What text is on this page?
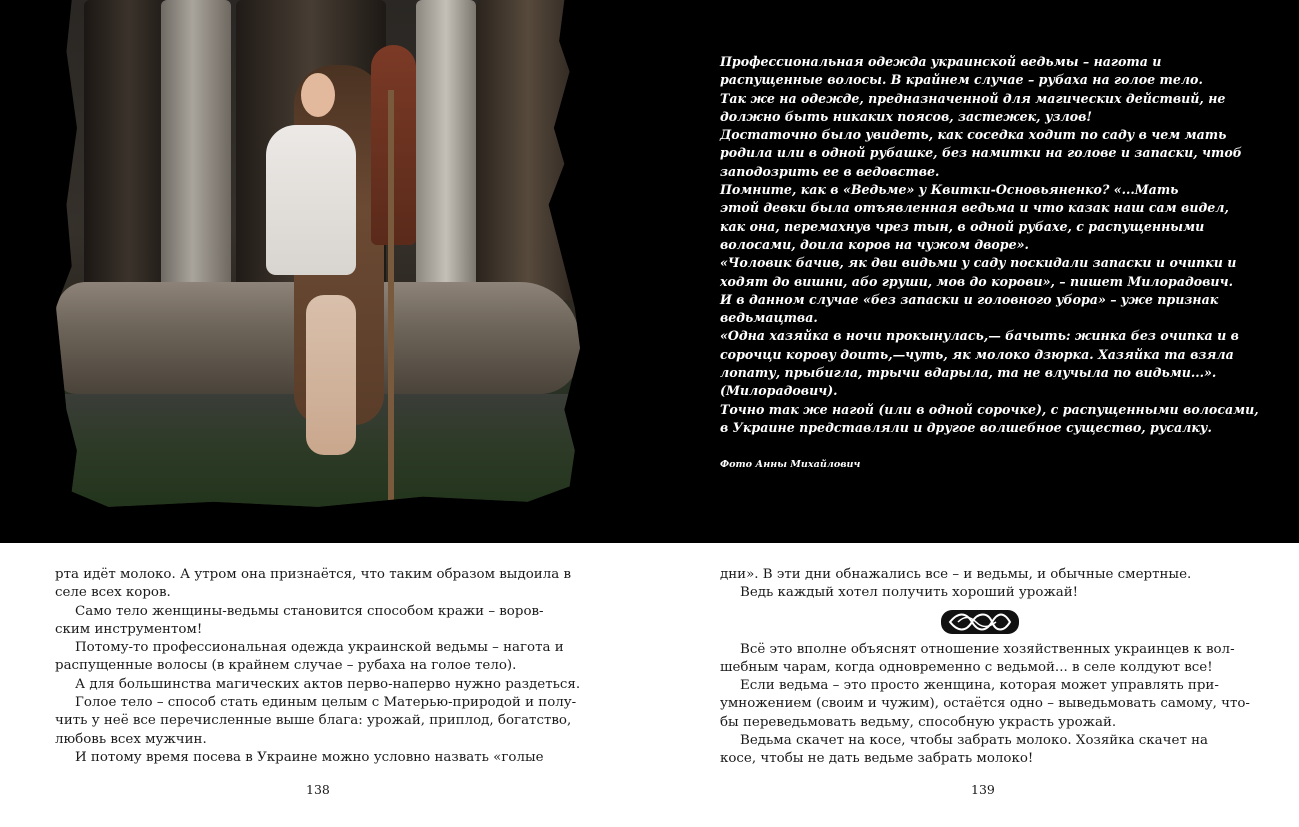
Профессиональная одежда украинской ведьмы – нагота и

распущенные волосы. В крайнем случае – рубаха на голое тело.

Так же на одежде, предназначенной для магических действий, не

должно быть никаких поясов, застежек, узлов!

Достаточно было увидеть, как соседка ходит по саду в чем мать

родила или в одной рубашке, без намитки на голове и запаски, чтоб

заподозрить ее в ведовстве.

Помните, как в «Ведьме» у Квитки-Основьяненко? «...Мать

этой девки была отъявленная ведьма и что казак наш сам видел,

как она, перемахнув чрез тын, в одной рубахе, с распущенными

волосами, доила коров на чужом дворе».

«Чоловик бачив, як дви видьми у саду поскидали запаски и очипки и

ходят до вишни, або груши, мов до корови», – пишет Милорадович.

И в данном случае «без запаски и головного убора» – уже признак

ведьмацтва.

«Одна хазяйка в ночи прокынулась,— бачыть: жинка без очипка и в

сорочци корову доить,—чуть, як молоко дзюрка. Хазяйка та взяла

лопату, прыбигла, трычи вдарыла, та не влучыла по видьми...».

(Милорадович).

Точно так же нагой (или в одной сорочке), с распущенными волосами,

в Украине представляли и другое волшебное существо, русалку.

Фото Анны Михайлович

рта идёт молоко. А утром она признаётся, что таким образом выдоила в

селе всех коров.

Само тело женщины-ведьмы становится способом кражи – воров-

ским инструментом!

Потому-то профессиональная одежда украинской ведьмы – нагота и

распущенные волосы (в крайнем случае – рубаха на голое тело).

А для большинства магических актов перво-наперво нужно раздеться.

Голое тело – способ стать единым целым с Матерью-природой и полу-

чить у неё все перечисленные выше блага: урожай, приплод, богатство,

любовь всех мужчин.

И потому время посева в Украине можно условно назвать «голые

дни». В эти дни обнажались все – и ведьмы, и обычные смертные.

Ведь каждый хотел получить хороший урожай!

Всё это вполне объяснят отношение хозяйственных украинцев к вол-

шебным чарам, когда одновременно с ведьмой... в селе колдуют все!

Если ведьма – это просто женщина, которая может управлять при-

умножением (своим и чужим), остаётся одно – выведьмовать самому, что-

бы переведьмовать ведьму, способную украсть урожай.

Ведьма скачет на косе, чтобы забрать молоко. Хозяйка скачет на

косе, чтобы не дать ведьме забрать молоко!

138	139
